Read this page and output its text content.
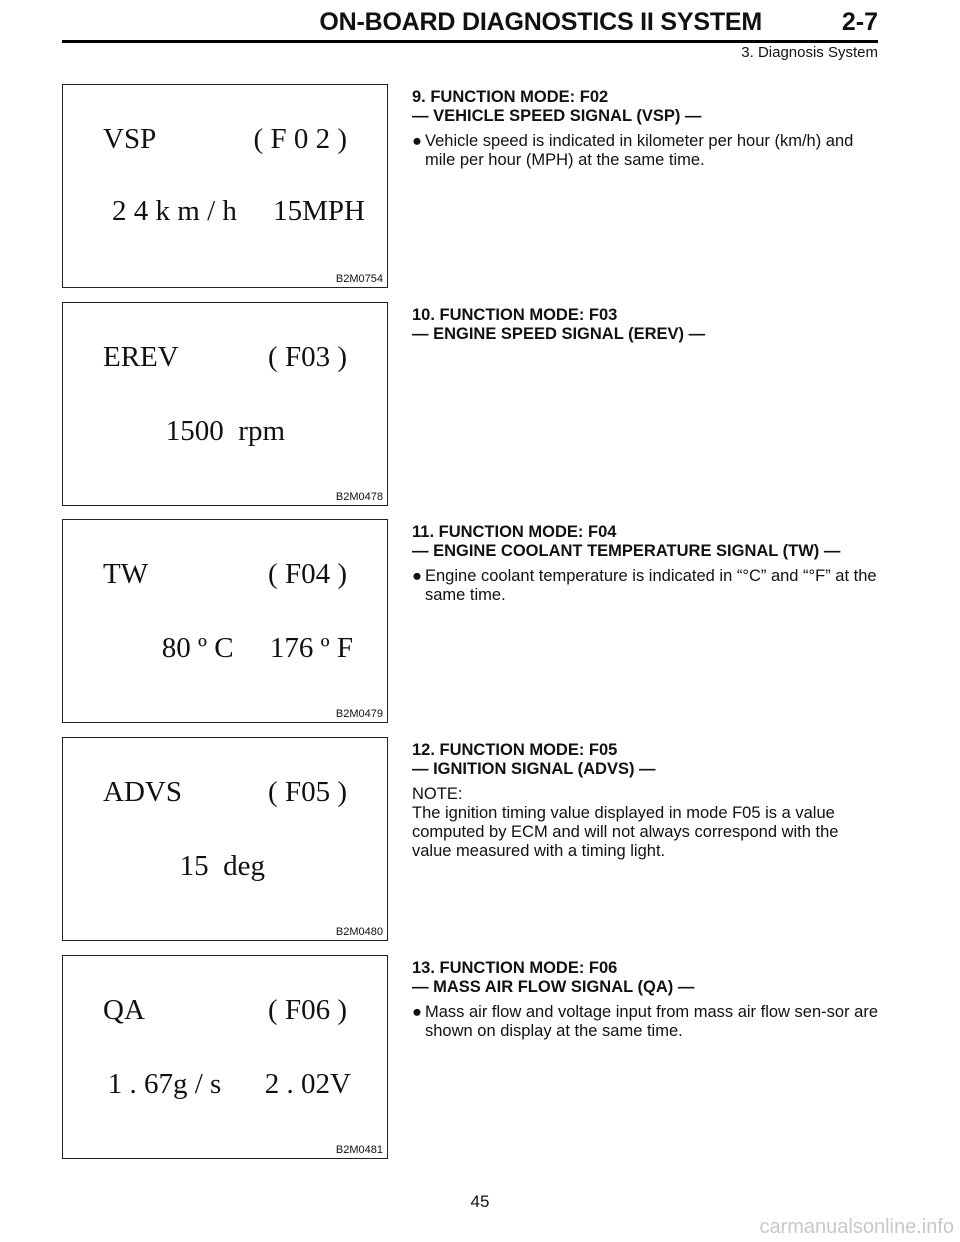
ON-BOARD DIAGNOSTICS II SYSTEM	2-7
3. Diagnosis System
VSP	( F 0 2 )
2 4 k m / h     15MPH
B2M0754
EREV	( F03 )
1500  rpm
B2M0478
TW	( F04 )
80 º C     176 º F
B2M0479
ADVS	( F05 )
15  deg
B2M0480
QA	( F06 )
1 . 67g / s      2 . 02V
B2M0481
9. FUNCTION MODE: F02
— VEHICLE SPEED SIGNAL (VSP) —
● Vehicle speed is indicated in kilometer per hour (km/h) and mile per hour (MPH) at the same time.
10. FUNCTION MODE: F03
— ENGINE SPEED SIGNAL (EREV) —
11. FUNCTION MODE: F04
— ENGINE COOLANT TEMPERATURE SIGNAL (TW) —
● Engine coolant temperature is indicated in “°C” and “°F” at the same time.
12. FUNCTION MODE: F05
— IGNITION SIGNAL (ADVS) —
NOTE:
The ignition timing value displayed in mode F05 is a value computed by ECM and will not always correspond with the value measured with a timing light.
13. FUNCTION MODE: F06
— MASS AIR FLOW SIGNAL (QA) —
● Mass air flow and voltage input from mass air flow sen-sor are shown on display at the same time.
45
carmanualsonline.info
